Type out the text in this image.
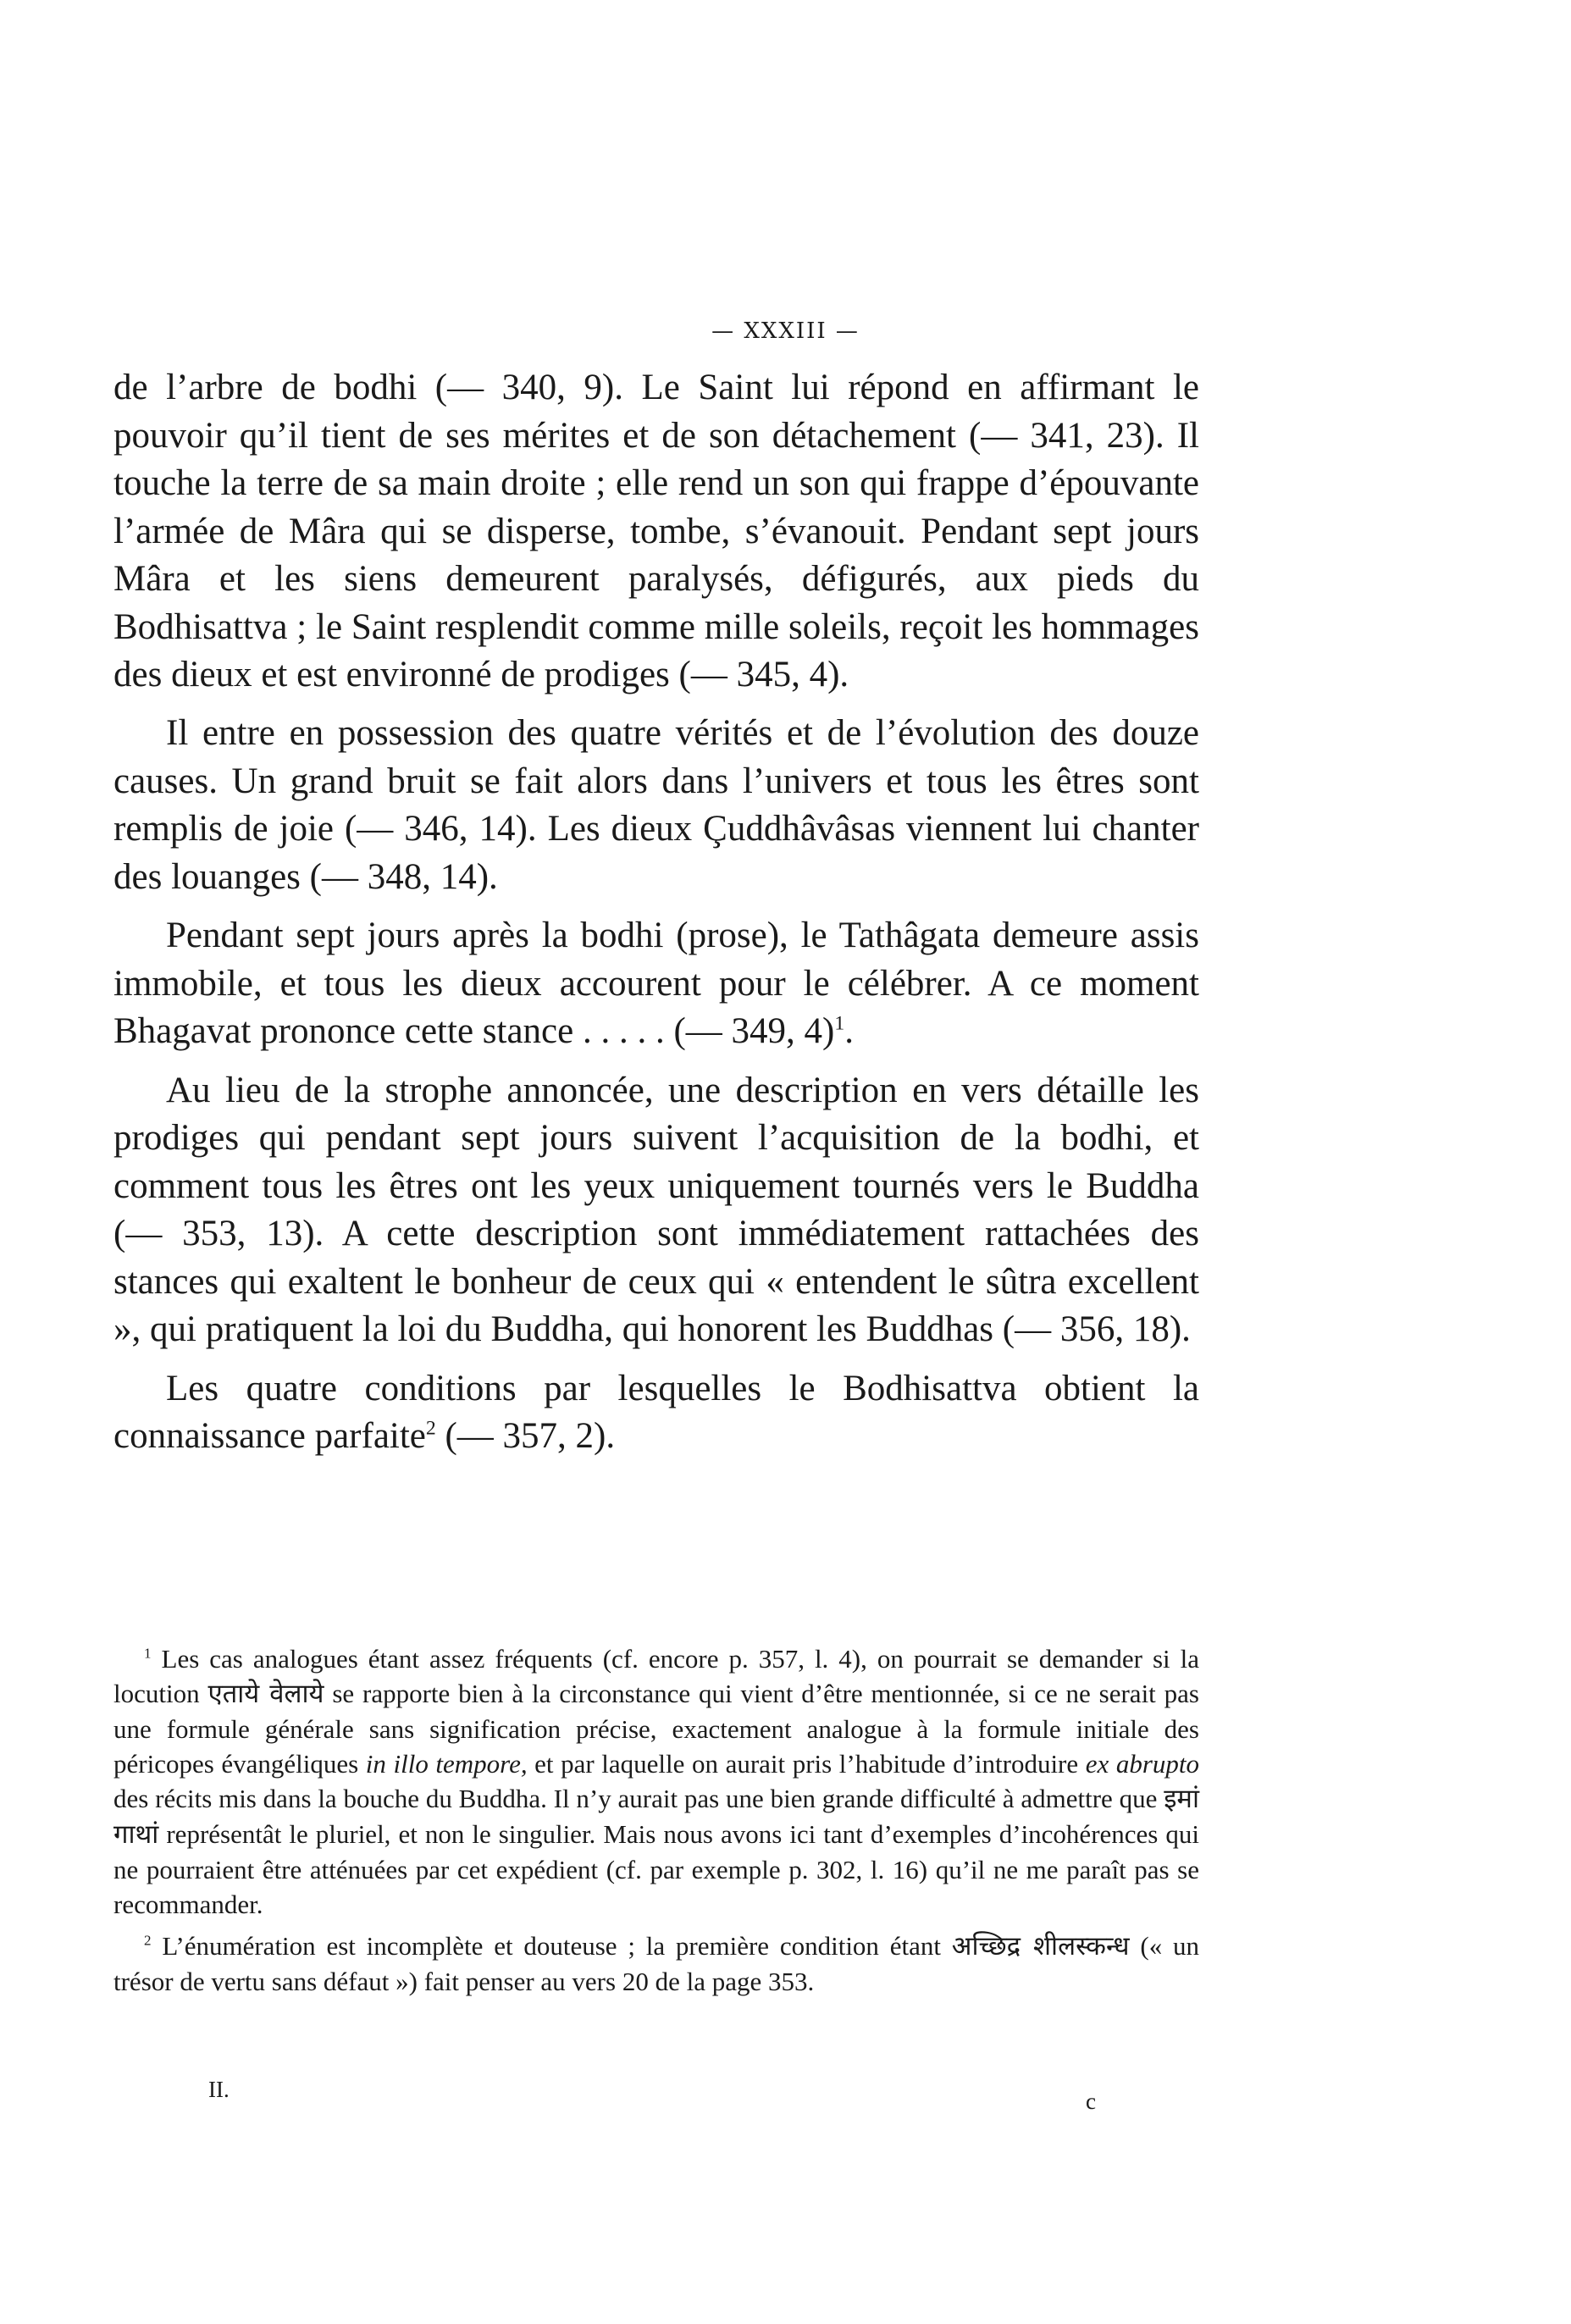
— XXXIII —

de l’arbre de bodhi (— 340, 9). Le Saint lui répond en affirmant le pouvoir qu’il tient de ses mérites et de son détachement (— 341, 23). Il touche la terre de sa main droite ; elle rend un son qui frappe d’épouvante l’armée de Mâra qui se disperse, tombe, s’évanouit. Pendant sept jours Mâra et les siens demeurent paralysés, défigurés, aux pieds du Bodhisattva ; le Saint resplendit comme mille soleils, reçoit les hommages des dieux et est environné de prodiges (— 345, 4).

Il entre en possession des quatre vérités et de l’évolution des douze causes. Un grand bruit se fait alors dans l’univers et tous les êtres sont remplis de joie (— 346, 14). Les dieux Çuddhâvâsas viennent lui chanter des louanges (— 348, 14).

Pendant sept jours après la bodhi (prose), le Tathâgata demeure assis immobile, et tous les dieux accourent pour le célébrer. A ce moment Bhagavat prononce cette stance . . . . . (— 349, 4)$^1$.

Au lieu de la strophe annoncée, une description en vers détaille les prodiges qui pendant sept jours suivent l’acquisition de la bodhi, et comment tous les êtres ont les yeux uniquement tournés vers le Buddha (— 353, 13). A cette description sont immédiatement rattachées des stances qui exaltent le bonheur de ceux qui « entendent le sûtra excellent », qui pratiquent la loi du Buddha, qui honorent les Buddhas (— 356, 18).

Les quatre conditions par lesquelles le Bodhisattva obtient la connaissance parfaite$^2$ (— 357, 2).

$^1$ Les cas analogues étant assez fréquents (cf. encore p. 357, l. 4), on pourrait se demander si la locution एताये वेलाये se rapporte bien à la circonstance qui vient d’être mentionnée, si ce ne serait pas une formule générale sans signification précise, exactement analogue à la formule initiale des péricopes évangéliques in illo tempore, et par laquelle on aurait pris l’habitude d’introduire ex abrupto des récits mis dans la bouche du Buddha. Il n’y aurait pas une bien grande difficulté à admettre que इमां गाथां représentât le pluriel, et non le singulier. Mais nous avons ici tant d’exemples d’incohérences qui ne pourraient être atténuées par cet expédient (cf. par exemple p. 302, l. 16) qu’il ne me paraît pas se recommander.

$^2$ L’énumération est incomplète et douteuse ; la première condition étant अच्छिद्र शीलस्कन्ध (« un trésor de vertu sans défaut ») fait penser au vers 20 de la page 353.

II.	c
